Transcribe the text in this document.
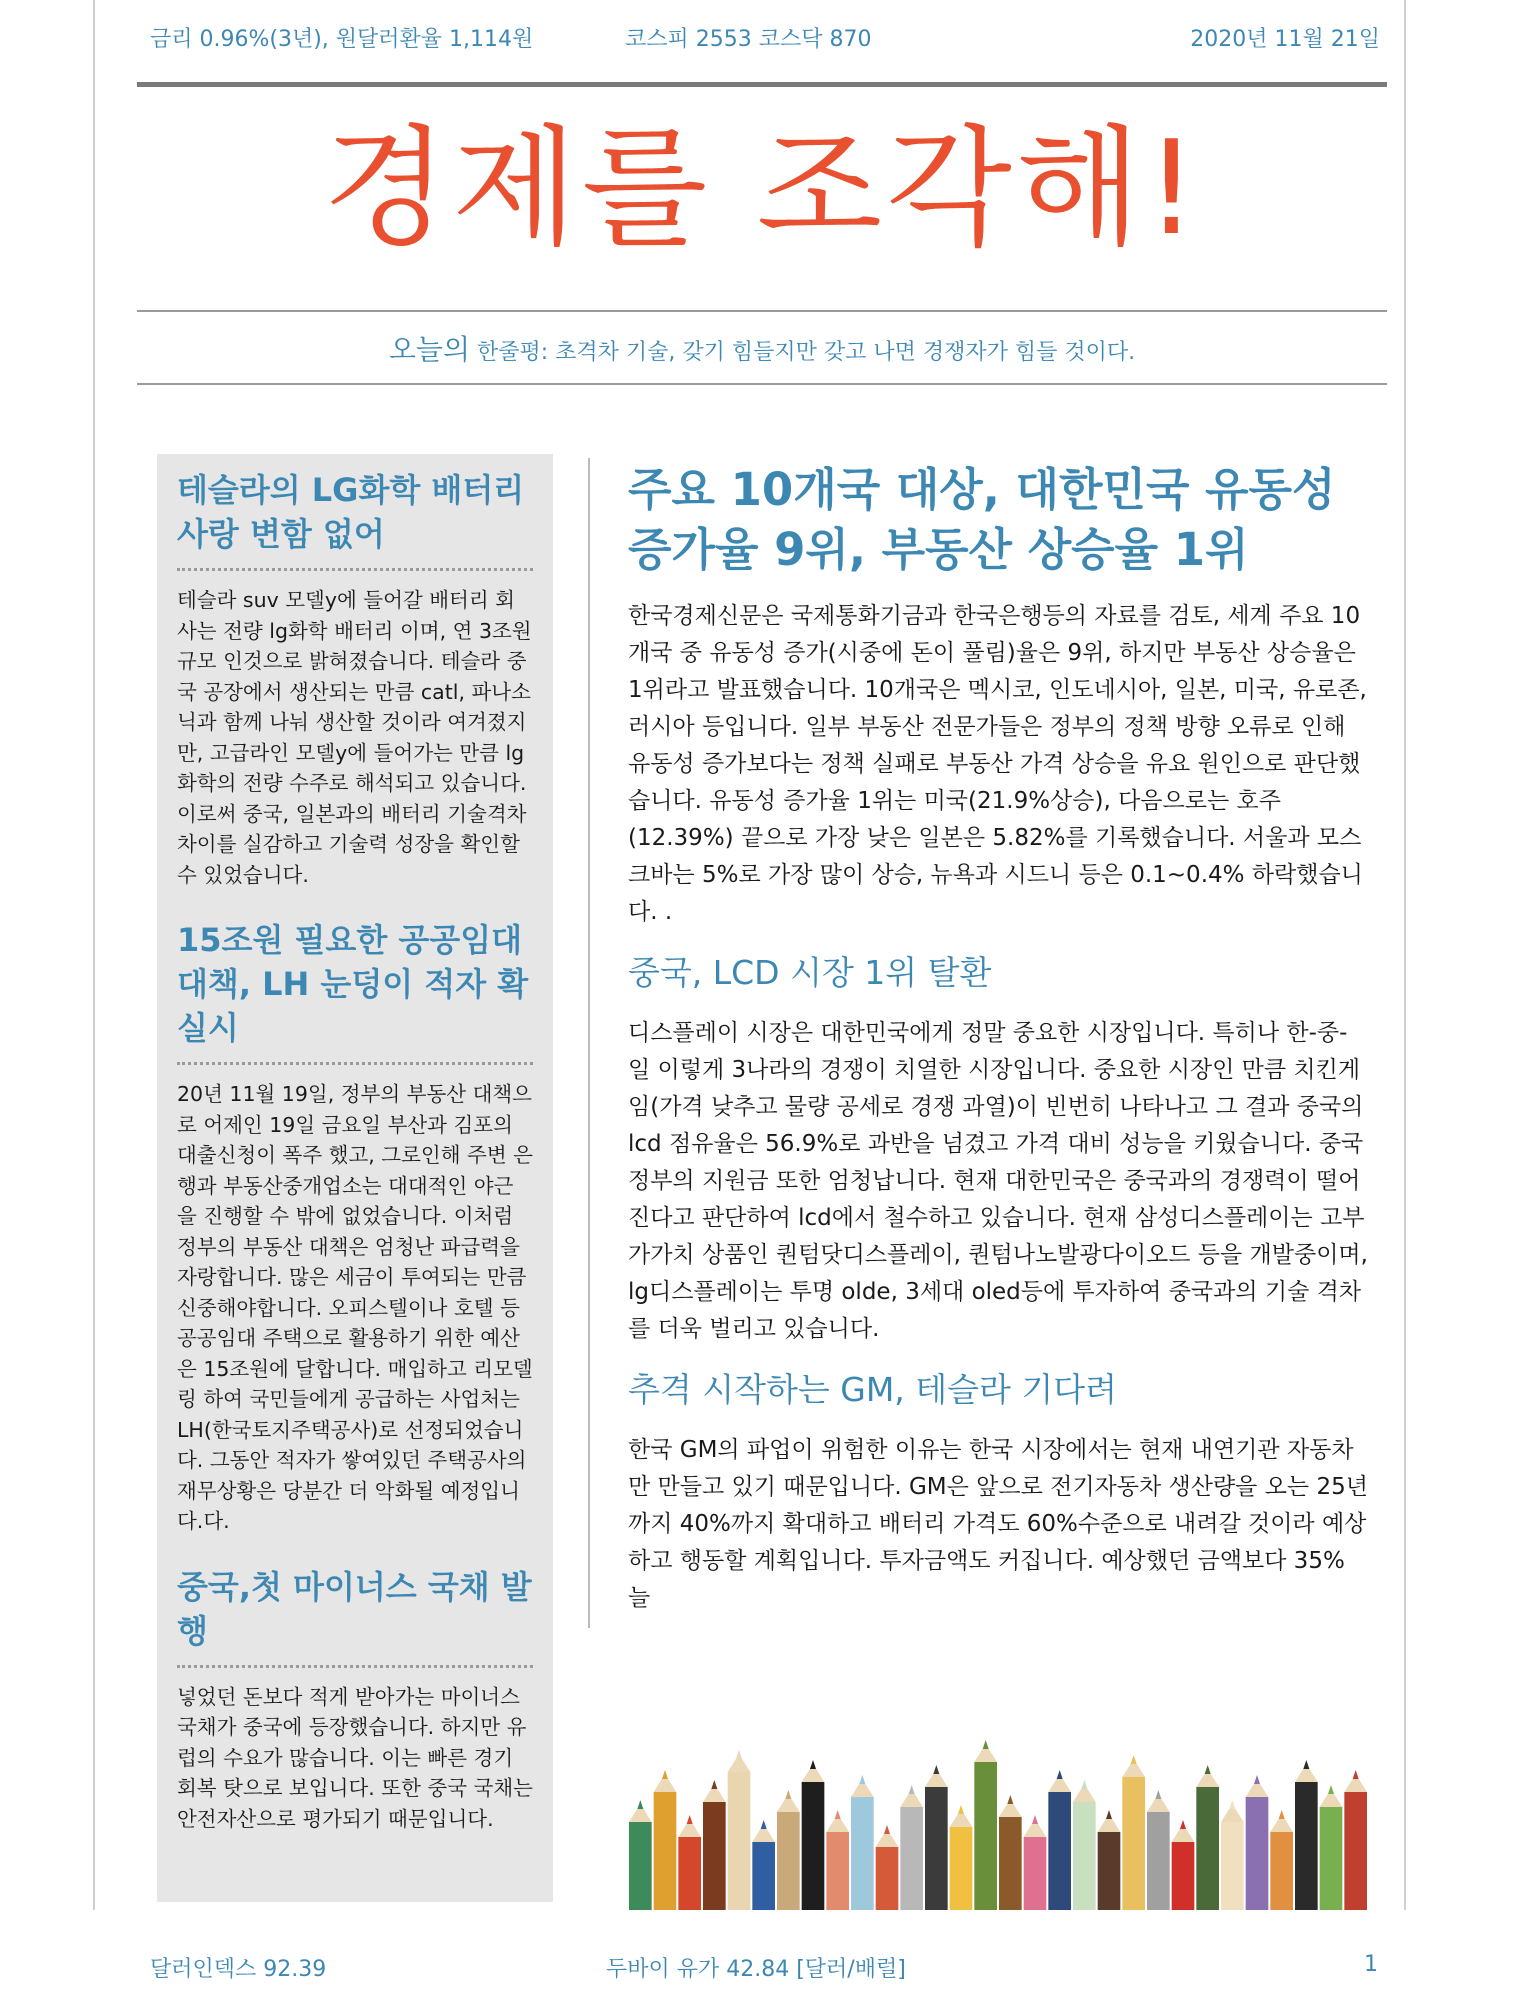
금리 0.96%(3년), 원달러환율 1,114원	코스피 2553 코스닥 870	2020년 11월 21일
경제를 조각해!
오늘의 한줄평: 초격차 기술, 갖기 힘들지만 갖고 나면 경쟁자가 힘들 것이다.
테슬라의 LG화학 배터리 사랑 변함 없어

테슬라 suv 모델y에 들어갈 배터리 회사는 전량 lg화학 배터리 이며, 연 3조원 규모 인것으로 밝혀졌습니다. 테슬라 중국 공장에서 생산되는 만큼 catl, 파나소닉과 함께 나눠 생산할 것이라 여겨졌지만, 고급라인 모델y에 들어가는 만큼 lg화학의 전량 수주로 해석되고 있습니다. 이로써 중국, 일본과의 배터리 기술격차 차이를 실감하고 기술력 성장을 확인할 수 있었습니다.

15조원 필요한 공공임대 대책, LH 눈덩이 적자 확실시

20년 11월 19일, 정부의 부동산 대책으로 어제인 19일 금요일 부산과 김포의 대출신청이 폭주 했고, 그로인해 주변 은행과 부동산중개업소는 대대적인 야근을 진행할 수 밖에 없었습니다. 이처럼 정부의 부동산 대책은 엄청난 파급력을 자랑합니다. 많은 세금이 투여되는 만큼 신중해야합니다. 오피스텔이나 호텔 등 공공임대 주택으로 활용하기 위한 예산은 15조원에 달합니다. 매입하고 리모델링 하여 국민들에게 공급하는 사업처는 LH(한국토지주택공사)로 선정되었습니다. 그동안 적자가 쌓여있던 주택공사의 재무상황은 당분간 더 악화될 예정입니다.다.

중국,첫 마이너스 국채 발행

넣었던 돈보다 적게 받아가는 마이너스 국채가 중국에 등장했습니다. 하지만 유럽의 수요가 많습니다. 이는 빠른 경기 회복 탓으로 보입니다. 또한 중국 국채는 안전자산으로 평가되기 때문입니다.

주요 10개국 대상, 대한민국 유동성 증가율 9위, 부동산 상승율 1위

한국경제신문은 국제통화기금과 한국은행등의 자료를 검토, 세계 주요 10개국 중 유동성 증가(시중에 돈이 풀림)율은 9위, 하지만 부동산 상승율은 1위라고 발표했습니다. 10개국은 멕시코, 인도네시아, 일본, 미국, 유로존, 러시아 등입니다. 일부 부동산 전문가들은 정부의 정책 방향 오류로 인해 유동성 증가보다는 정책 실패로 부동산 가격 상승을 유요 원인으로 판단했습니다. 유동성 증가율 1위는 미국(21.9%상승), 다음으로는 호주(12.39%) 끝으로 가장 낮은 일본은 5.82%를 기록했습니다. 서울과 모스크바는 5%로 가장 많이 상승, 뉴욕과 시드니 등은 0.1~0.4% 하락했습니다. .

중국, LCD 시장 1위 탈환

디스플레이 시장은 대한민국에게 정말 중요한 시장입니다. 특히나 한-중-일 이렇게 3나라의 경쟁이 치열한 시장입니다. 중요한 시장인 만큼 치킨게임(가격 낮추고 물량 공세로 경쟁 과열)이 빈번히 나타나고 그 결과 중국의 lcd 점유율은 56.9%로 과반을 넘겼고 가격 대비 성능을 키웠습니다. 중국 정부의 지원금 또한 엄청납니다. 현재 대한민국은 중국과의 경쟁력이 떨어진다고 판단하여 lcd에서 철수하고 있습니다. 현재 삼성디스플레이는 고부가가치 상품인 퀀텀닷디스플레이, 퀀텀나노발광다이오드 등을 개발중이며, lg디스플레이는 투명 olde, 3세대 oled등에 투자하여 중국과의 기술 격차를 더욱 벌리고 있습니다.

추격 시작하는 GM, 테슬라 기다려

한국 GM의 파업이 위험한 이유는 한국 시장에서는 현재 내연기관 자동차만 만들고 있기 때문입니다. GM은 앞으로 전기자동차 생산량을 오는 25년까지 40%까지 확대하고 배터리 가격도 60%수준으로 내려갈 것이라 예상하고 행동할 계획입니다. 투자금액도 커집니다. 예상했던 금액보다 35% 늘

달러인덱스 92.39	두바이 유가 42.84 [달러/배럴]	1
